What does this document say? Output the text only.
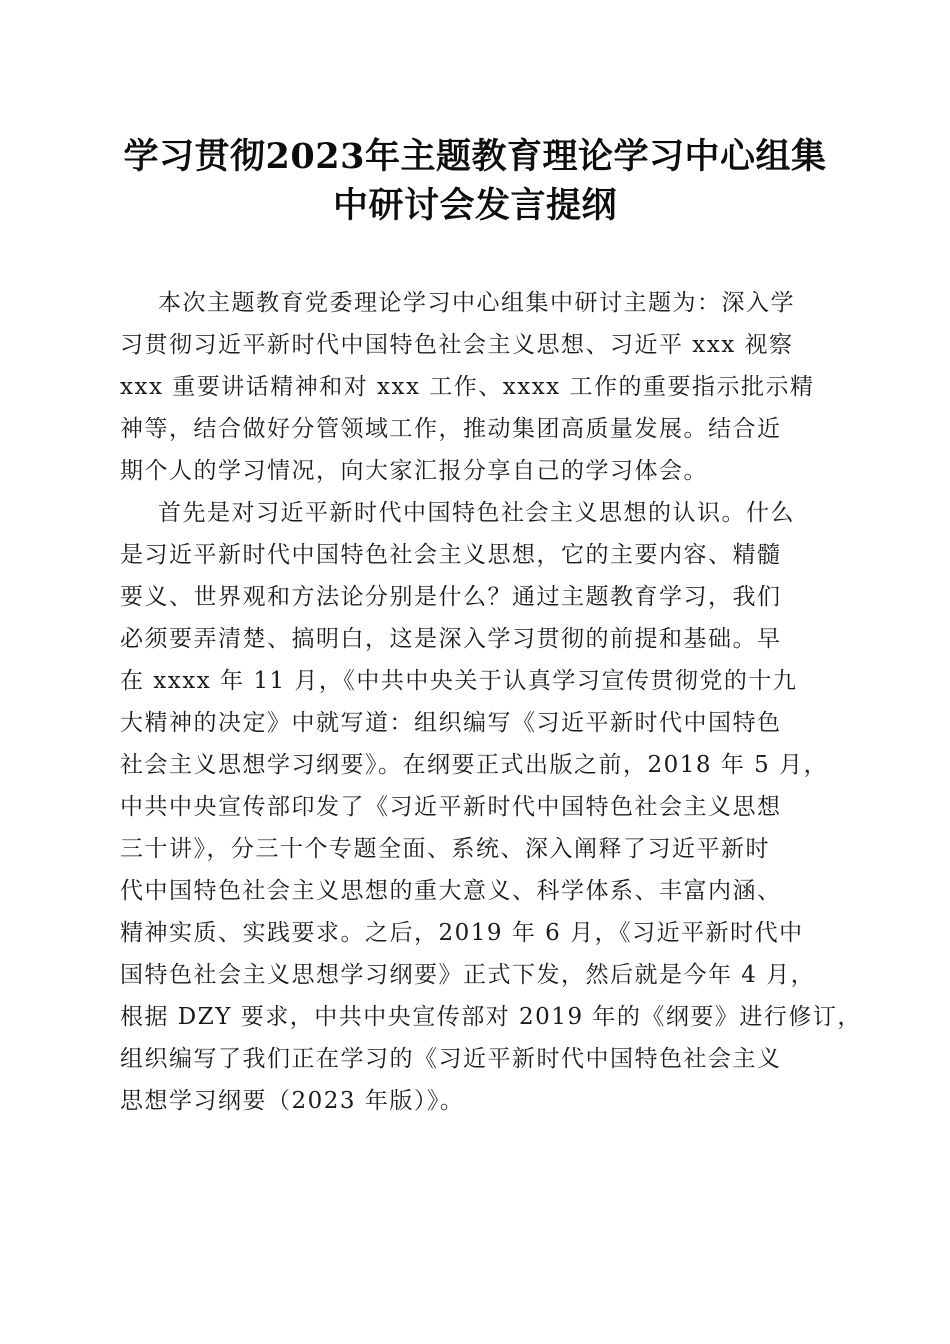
学习贯彻2023年主题教育理论学习中心组集
中研讨会发言提纲

本次主题教育党委理论学习中心组集中研讨主题为：深入学
习贯彻习近平新时代中国特色社会主义思想、习近平 xxx 视察
xxx 重要讲话精神和对 xxx 工作、xxxx 工作的重要指示批示精
神等，结合做好分管领域工作，推动集团高质量发展。结合近
期个人的学习情况，向大家汇报分享自己的学习体会。

首先是对习近平新时代中国特色社会主义思想的认识。什么
是习近平新时代中国特色社会主义思想，它的主要内容、精髓
要义、世界观和方法论分别是什么？通过主题教育学习，我们
必须要弄清楚、搞明白，这是深入学习贯彻的前提和基础。早
在 xxxx 年 11 月，《中共中央关于认真学习宣传贯彻党的十九
大精神的决定》中就写道：组织编写《习近平新时代中国特色
社会主义思想学习纲要》。在纲要正式出版之前，2018 年 5 月，
中共中央宣传部印发了《习近平新时代中国特色社会主义思想
三十讲》，分三十个专题全面、系统、深入阐释了习近平新时
代中国特色社会主义思想的重大意义、科学体系、丰富内涵、
精神实质、实践要求。之后，2019 年 6 月，《习近平新时代中
国特色社会主义思想学习纲要》正式下发，然后就是今年 4 月，
根据 DZY 要求，中共中央宣传部对 2019 年的《纲要》进行修订，
组织编写了我们正在学习的《习近平新时代中国特色社会主义
思想学习纲要（2023 年版）》。
